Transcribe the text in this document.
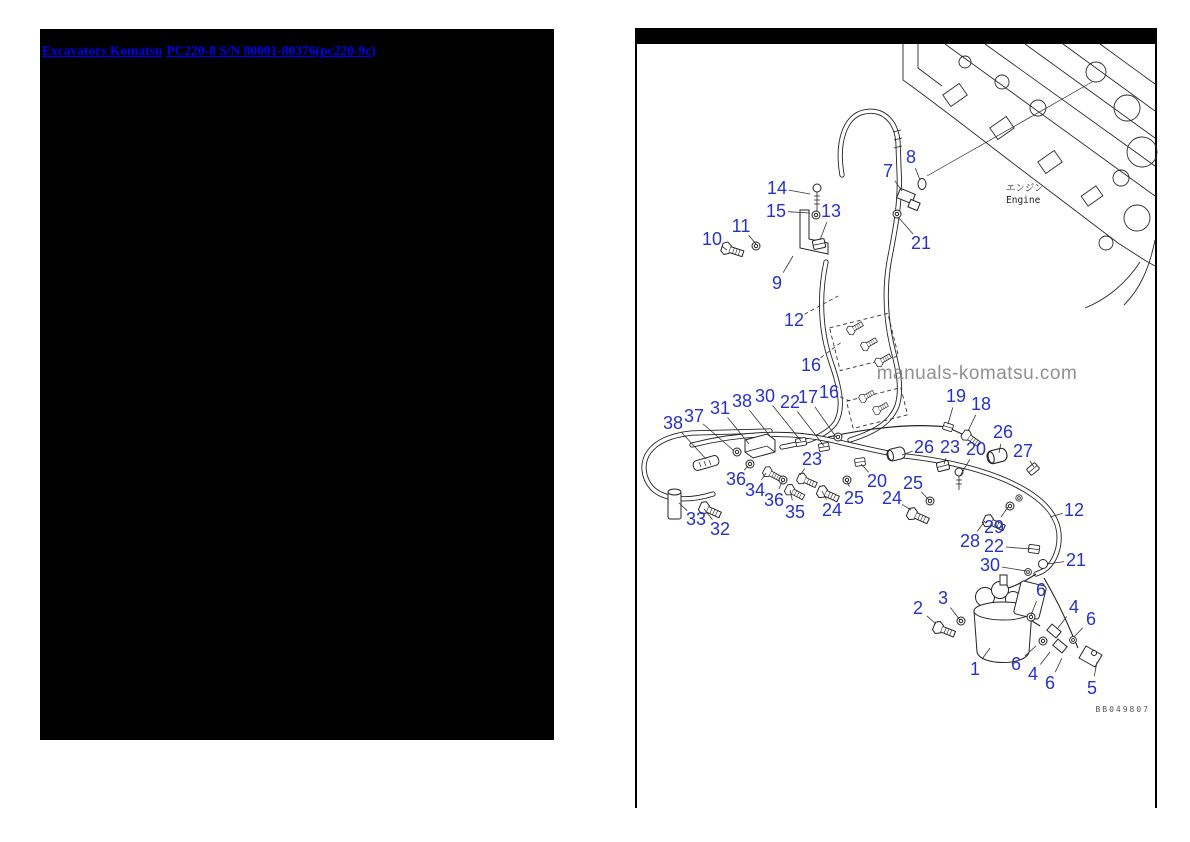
Excavators Komatsu PC220-8 S/N 80001-80376(pc220-9c)
10
11
14
15 13
9
7
8
21
12
16
16
17
22
30
38
31
37
38
19 18
26
27
26 23 20
23
20
25
24
25
24
28
29
22
12
21
30
36
34
36
35
33 32
2 3
1
6
4
6
6 4 6 5
エンジン
Engine
manuals-komatsu.com
BB049807
